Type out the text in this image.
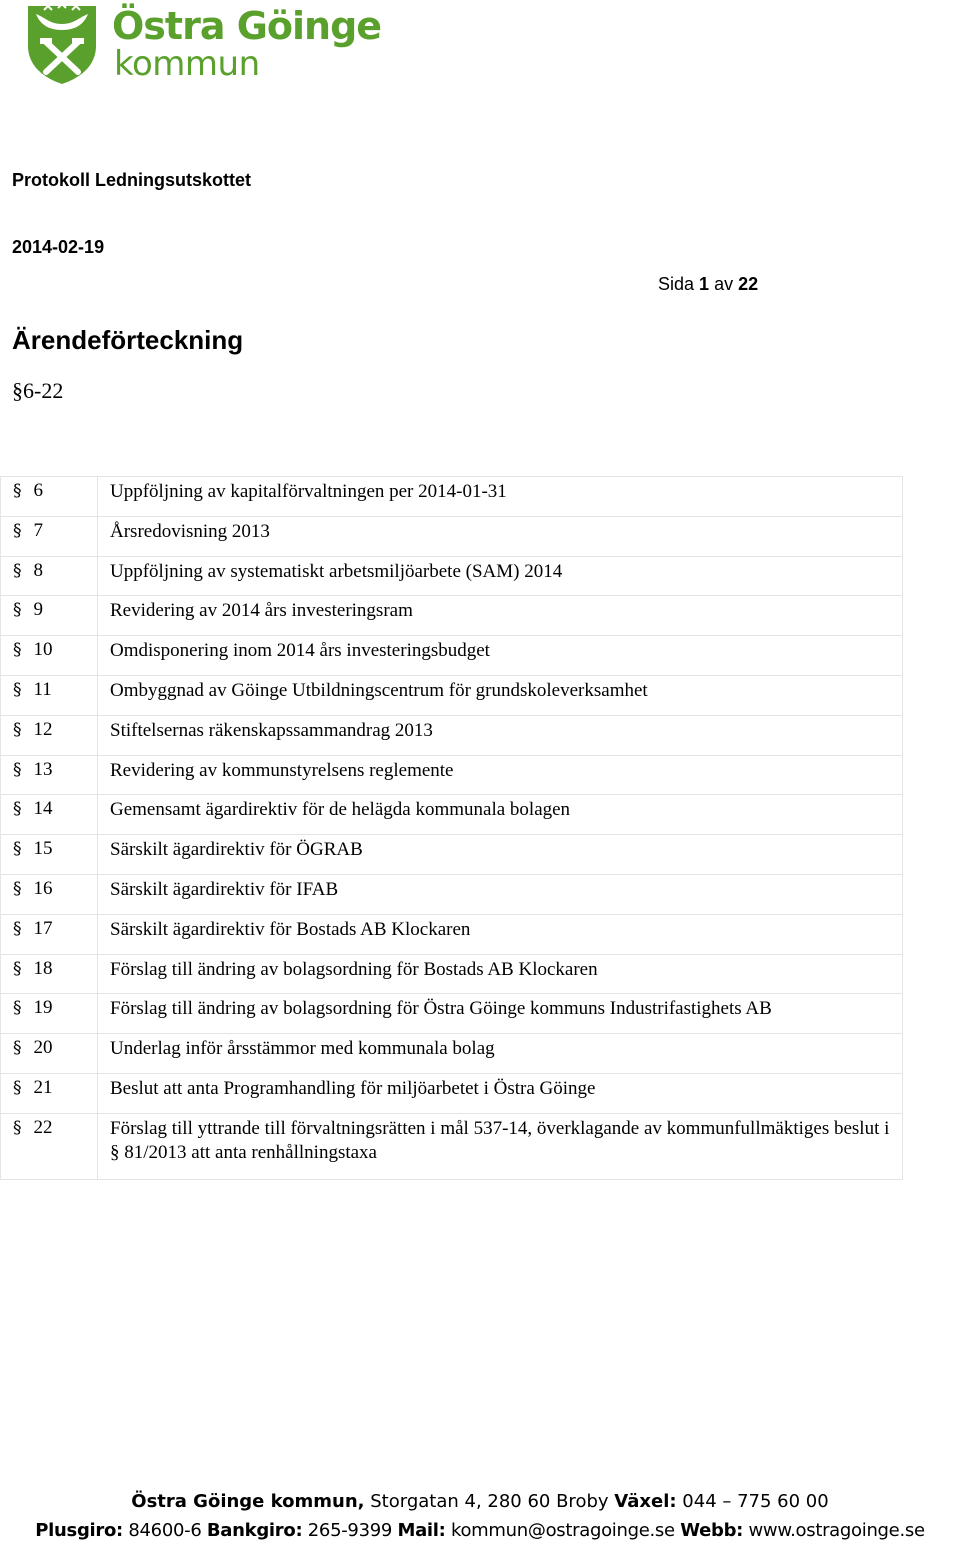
Östra Göinge
kommun
Protokoll Ledningsutskottet
2014-02-19
Sida 1 av 22
Ärendeförteckning
§6-22
§ 6	Uppföljning av kapitalförvaltningen per 2014-01-31
§ 7	Årsredovisning 2013
§ 8	Uppföljning av systematiskt arbetsmiljöarbete (SAM) 2014
§ 9	Revidering av 2014 års investeringsram
§ 10	Omdisponering inom 2014 års investeringsbudget
§ 11	Ombyggnad av Göinge Utbildningscentrum för grundskoleverksamhet
§ 12	Stiftelsernas räkenskapssammandrag 2013
§ 13	Revidering av kommunstyrelsens reglemente
§ 14	Gemensamt ägardirektiv för de helägda kommunala bolagen
§ 15	Särskilt ägardirektiv för ÖGRAB
§ 16	Särskilt ägardirektiv för IFAB
§ 17	Särskilt ägardirektiv för Bostads AB Klockaren
§ 18	Förslag till ändring av bolagsordning för Bostads AB Klockaren
§ 19	Förslag till ändring av bolagsordning för Östra Göinge kommuns Industrifastighets AB
§ 20	Underlag inför årsstämmor med kommunala bolag
§ 21	Beslut att anta Programhandling för miljöarbetet i Östra Göinge
§ 22	Förslag till yttrande till förvaltningsrätten i mål 537-14, överklagande av kommunfullmäktiges beslut i § 81/2013 att anta renhållningstaxa
Östra Göinge kommun, Storgatan 4, 280 60 Broby Växel: 044 – 775 60 00
Plusgiro: 84600-6 Bankgiro: 265-9399 Mail: kommun@ostragoinge.se Webb: www.ostragoinge.se
